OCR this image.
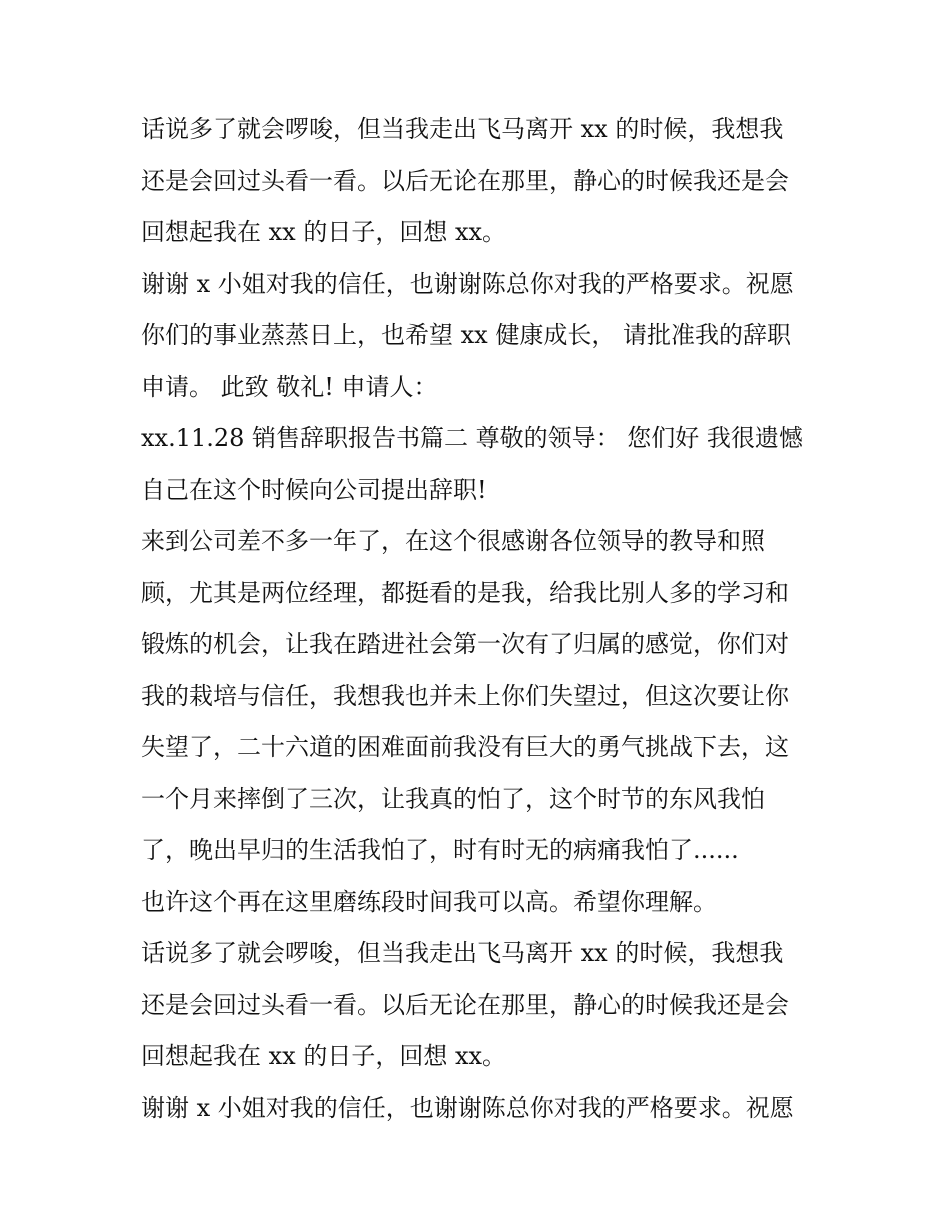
话说多了就会啰唆，但当我走出飞马离开 xx 的时候，我想我
还是会回过头看一看。以后无论在那里，静心的时候我还是会
回想起我在 xx 的日子，回想 xx。
谢谢 x 小姐对我的信任，也谢谢陈总你对我的严格要求。祝愿
你们的事业蒸蒸日上，也希望 xx 健康成长， 请批准我的辞职
申请。 此致 敬礼! 申请人：
xx.11.28 销售辞职报告书篇二 尊敬的领导： 您们好 我很遗憾
自己在这个时候向公司提出辞职!
来到公司差不多一年了，在这个很感谢各位领导的教导和照
顾，尤其是两位经理，都挺看的是我，给我比别人多的学习和
锻炼的机会，让我在踏进社会第一次有了归属的感觉，你们对
我的栽培与信任，我想我也并未上你们失望过，但这次要让你
失望了，二十六道的困难面前我没有巨大的勇气挑战下去，这
一个月来摔倒了三次，让我真的怕了，这个时节的东风我怕
了，晚出早归的生活我怕了，时有时无的病痛我怕了......
也许这个再在这里磨练段时间我可以高。希望你理解。
话说多了就会啰唆，但当我走出飞马离开 xx 的时候，我想我
还是会回过头看一看。以后无论在那里，静心的时候我还是会
回想起我在 xx 的日子，回想 xx。
谢谢 x 小姐对我的信任，也谢谢陈总你对我的严格要求。祝愿
